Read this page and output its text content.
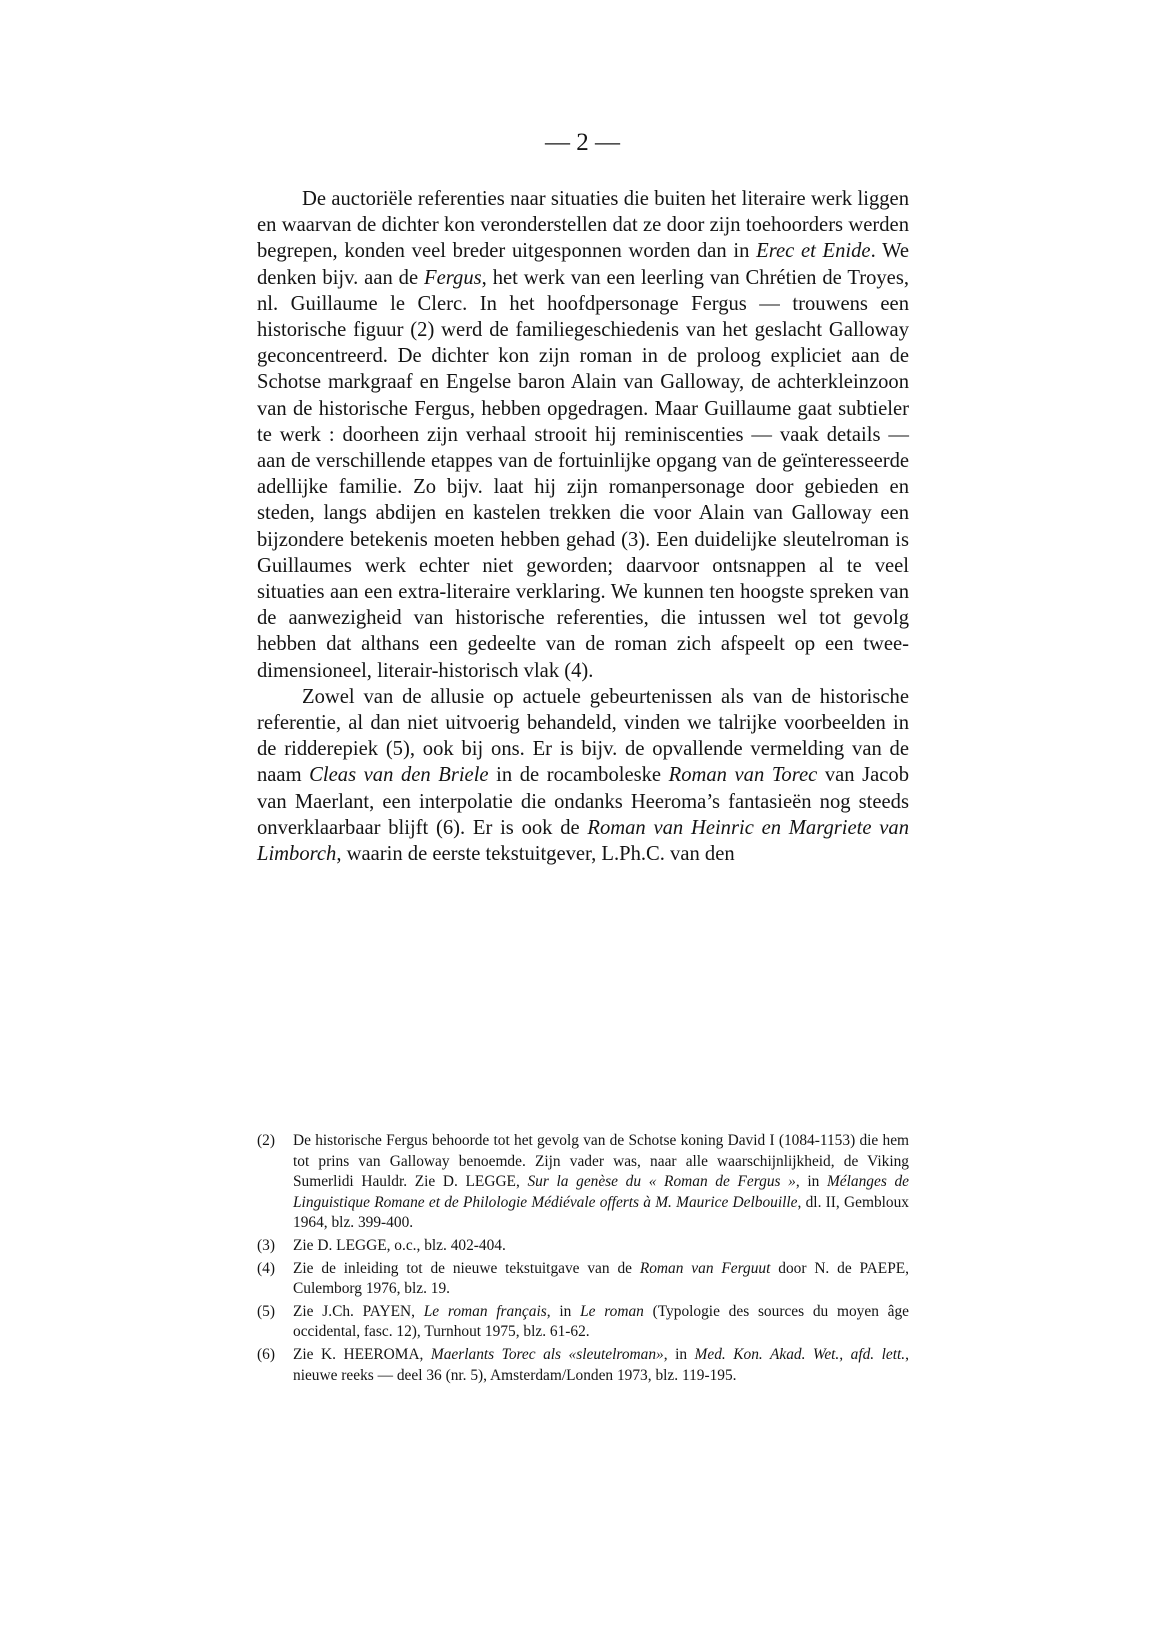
— 2 —

De auctoriële referenties naar situaties die buiten het literaire werk liggen en waarvan de dichter kon veronderstellen dat ze door zijn toehoorders werden begrepen, konden veel breder uitgesponnen worden dan in Erec et Enide. We denken bijv. aan de Fergus, het werk van een leerling van Chrétien de Troyes, nl. Guillaume le Clerc. In het hoofdpersonage Fergus — trouwens een historische figuur (2) werd de familiegeschiedenis van het geslacht Galloway geconcentreerd. De dichter kon zijn roman in de proloog expliciet aan de Schotse markgraaf en Engelse baron Alain van Galloway, de achterkleinzoon van de historische Fergus, hebben opgedragen. Maar Guillaume gaat subtieler te werk : doorheen zijn verhaal strooit hij reminiscenties — vaak details — aan de verschillende etappes van de fortuinlijke opgang van de geïnteresseerde adellijke familie. Zo bijv. laat hij zijn romanpersonage door gebieden en steden, langs abdijen en kastelen trekken die voor Alain van Galloway een bijzondere betekenis moeten hebben gehad (3). Een duidelijke sleutelroman is Guillaumes werk echter niet geworden; daarvoor ontsnappen al te veel situaties aan een extra-literaire verklaring. We kunnen ten hoogste spreken van de aanwezigheid van historische referenties, die intussen wel tot gevolg hebben dat althans een gedeelte van de roman zich afspeelt op een twee-dimensioneel, literair-historisch vlak (4).

Zowel van de allusie op actuele gebeurtenissen als van de historische referentie, al dan niet uitvoerig behandeld, vinden we talrijke voorbeelden in de ridderepiek (5), ook bij ons. Er is bijv. de opvallende vermelding van de naam Cleas van den Briele in de rocamboleske Roman van Torec van Jacob van Maerlant, een interpolatie die ondanks Heeroma’s fantasieën nog steeds onverklaarbaar blijft (6). Er is ook de Roman van Heinric en Margriete van Limborch, waarin de eerste tekstuitgever, L.Ph.C. van den

(2)	De historische Fergus behoorde tot het gevolg van de Schotse koning David I (1084-1153) die hem tot prins van Galloway benoemde. Zijn vader was, naar alle waarschijnlijkheid, de Viking Sumerlidi Hauldr. Zie D. LEGGE, Sur la genèse du « Roman de Fergus », in Mélanges de Linguistique Romane et de Philologie Médiévale offerts à M. Maurice Delbouille, dl. II, Gembloux 1964, blz. 399-400.
(3)	Zie D. LEGGE, o.c., blz. 402-404.
(4)	Zie de inleiding tot de nieuwe tekstuitgave van de Roman van Ferguut door N. de PAEPE, Culemborg 1976, blz. 19.
(5)	Zie J.Ch. PAYEN, Le roman français, in Le roman (Typologie des sources du moyen âge occidental, fasc. 12), Turnhout 1975, blz. 61-62.
(6)	Zie K. HEEROMA, Maerlants Torec als «sleutelroman», in Med. Kon. Akad. Wet., afd. lett., nieuwe reeks — deel 36 (nr. 5), Amsterdam/Londen 1973, blz. 119-195.
